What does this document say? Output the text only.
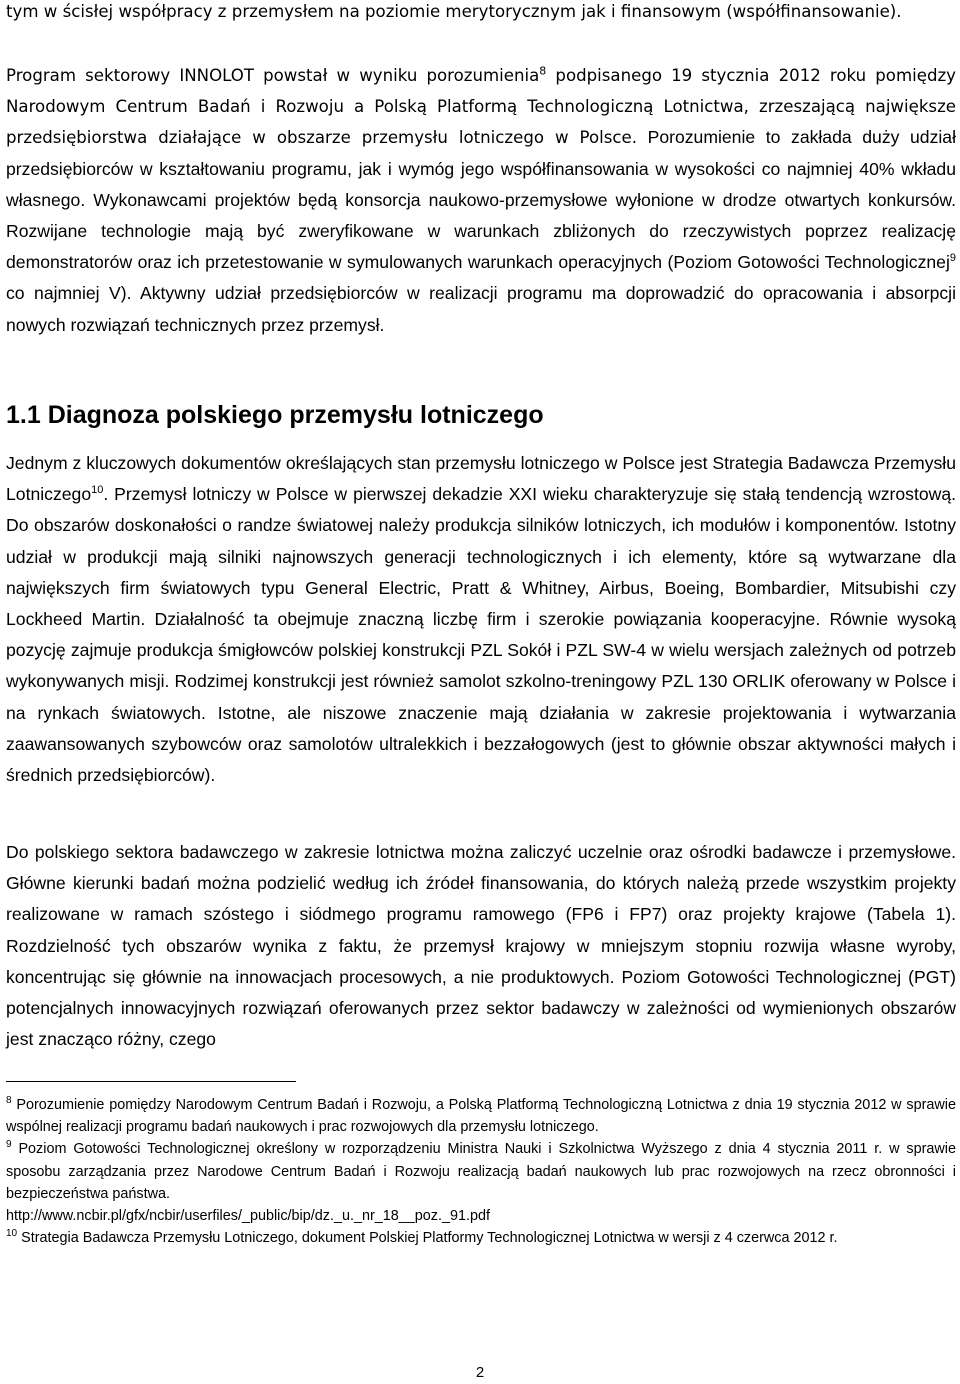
tym w ścisłej współpracy z przemysłem na poziomie merytorycznym jak i finansowym (współfinansowanie).

Program sektorowy INNOLOT powstał w wyniku porozumienia$^8$ podpisanego 19 stycznia 2012 roku pomiędzy Narodowym Centrum Badań i Rozwoju a Polską Platformą Technologiczną Lotnictwa, zrzeszającą największe przedsiębiorstwa działające w obszarze przemysłu lotniczego w Polsce. Porozumienie to zakłada duży udział przedsiębiorców w kształtowaniu programu, jak i wymóg jego współfinansowania w wysokości co najmniej 40% wkładu własnego. Wykonawcami projektów będą konsorcja naukowo-przemysłowe wyłonione w drodze otwartych konkursów. Rozwijane technologie mają być zweryfikowane w warunkach zbliżonych do rzeczywistych poprzez realizację demonstratorów oraz ich przetestowanie w symulowanych warunkach operacyjnych (Poziom Gotowości Technologicznej$^9$ co najmniej V). Aktywny udział przedsiębiorców w realizacji programu ma doprowadzić do opracowania i absorpcji nowych rozwiązań technicznych przez przemysł.

1.1 Diagnoza polskiego przemysłu lotniczego

Jednym z kluczowych dokumentów określających stan przemysłu lotniczego w Polsce jest Strategia Badawcza Przemysłu Lotniczego$^{10}$. Przemysł lotniczy w Polsce w pierwszej dekadzie XXI wieku charakteryzuje się stałą tendencją wzrostową. Do obszarów doskonałości o randze światowej należy produkcja silników lotniczych, ich modułów i komponentów. Istotny udział w produkcji mają silniki najnowszych generacji technologicznych i ich elementy, które są wytwarzane dla największych firm światowych typu General Electric, Pratt & Whitney, Airbus, Boeing, Bombardier, Mitsubishi czy Lockheed Martin. Działalność ta obejmuje znaczną liczbę firm i szerokie powiązania kooperacyjne. Równie wysoką pozycję zajmuje produkcja śmigłowców polskiej konstrukcji PZL Sokół i PZL SW-4 w wielu wersjach zależnych od potrzeb wykonywanych misji. Rodzimej konstrukcji jest również samolot szkolno-treningowy PZL 130 ORLIK oferowany w Polsce i na rynkach światowych. Istotne, ale niszowe znaczenie mają działania w zakresie projektowania i wytwarzania zaawansowanych szybowców oraz samolotów ultralekkich i bezzałogowych (jest to głównie obszar aktywności małych i średnich przedsiębiorców).

Do polskiego sektora badawczego w zakresie lotnictwa można zaliczyć uczelnie oraz ośrodki badawcze i przemysłowe. Główne kierunki badań można podzielić według ich źródeł finansowania, do których należą przede wszystkim projekty realizowane w ramach szóstego i siódmego programu ramowego (FP6 i FP7) oraz projekty krajowe (Tabela 1). Rozdzielność tych obszarów wynika z faktu, że przemysł krajowy w mniejszym stopniu rozwija własne wyroby, koncentrując się głównie na innowacjach procesowych, a nie produktowych. Poziom Gotowości Technologicznej (PGT) potencjalnych innowacyjnych rozwiązań oferowanych przez sektor badawczy w zależności od wymienionych obszarów jest znacząco różny, czego

$^8$ Porozumienie pomiędzy Narodowym Centrum Badań i Rozwoju, a Polską Platformą Technologiczną Lotnictwa z dnia 19 stycznia 2012 w sprawie wspólnej realizacji programu badań naukowych i prac rozwojowych dla przemysłu lotniczego.

$^9$ Poziom Gotowości Technologicznej określony w rozporządzeniu Ministra Nauki i Szkolnictwa Wyższego z dnia 4 stycznia 2011 r. w sprawie sposobu zarządzania przez Narodowe Centrum Badań i Rozwoju realizacją badań naukowych lub prac rozwojowych na rzecz obronności i bezpieczeństwa państwa.
http://www.ncbir.pl/gfx/ncbir/userfiles/_public/bip/dz._u._nr_18__poz._91.pdf

$^{10}$ Strategia Badawcza Przemysłu Lotniczego, dokument Polskiej Platformy Technologicznej Lotnictwa w wersji z 4 czerwca 2012 r.

2
